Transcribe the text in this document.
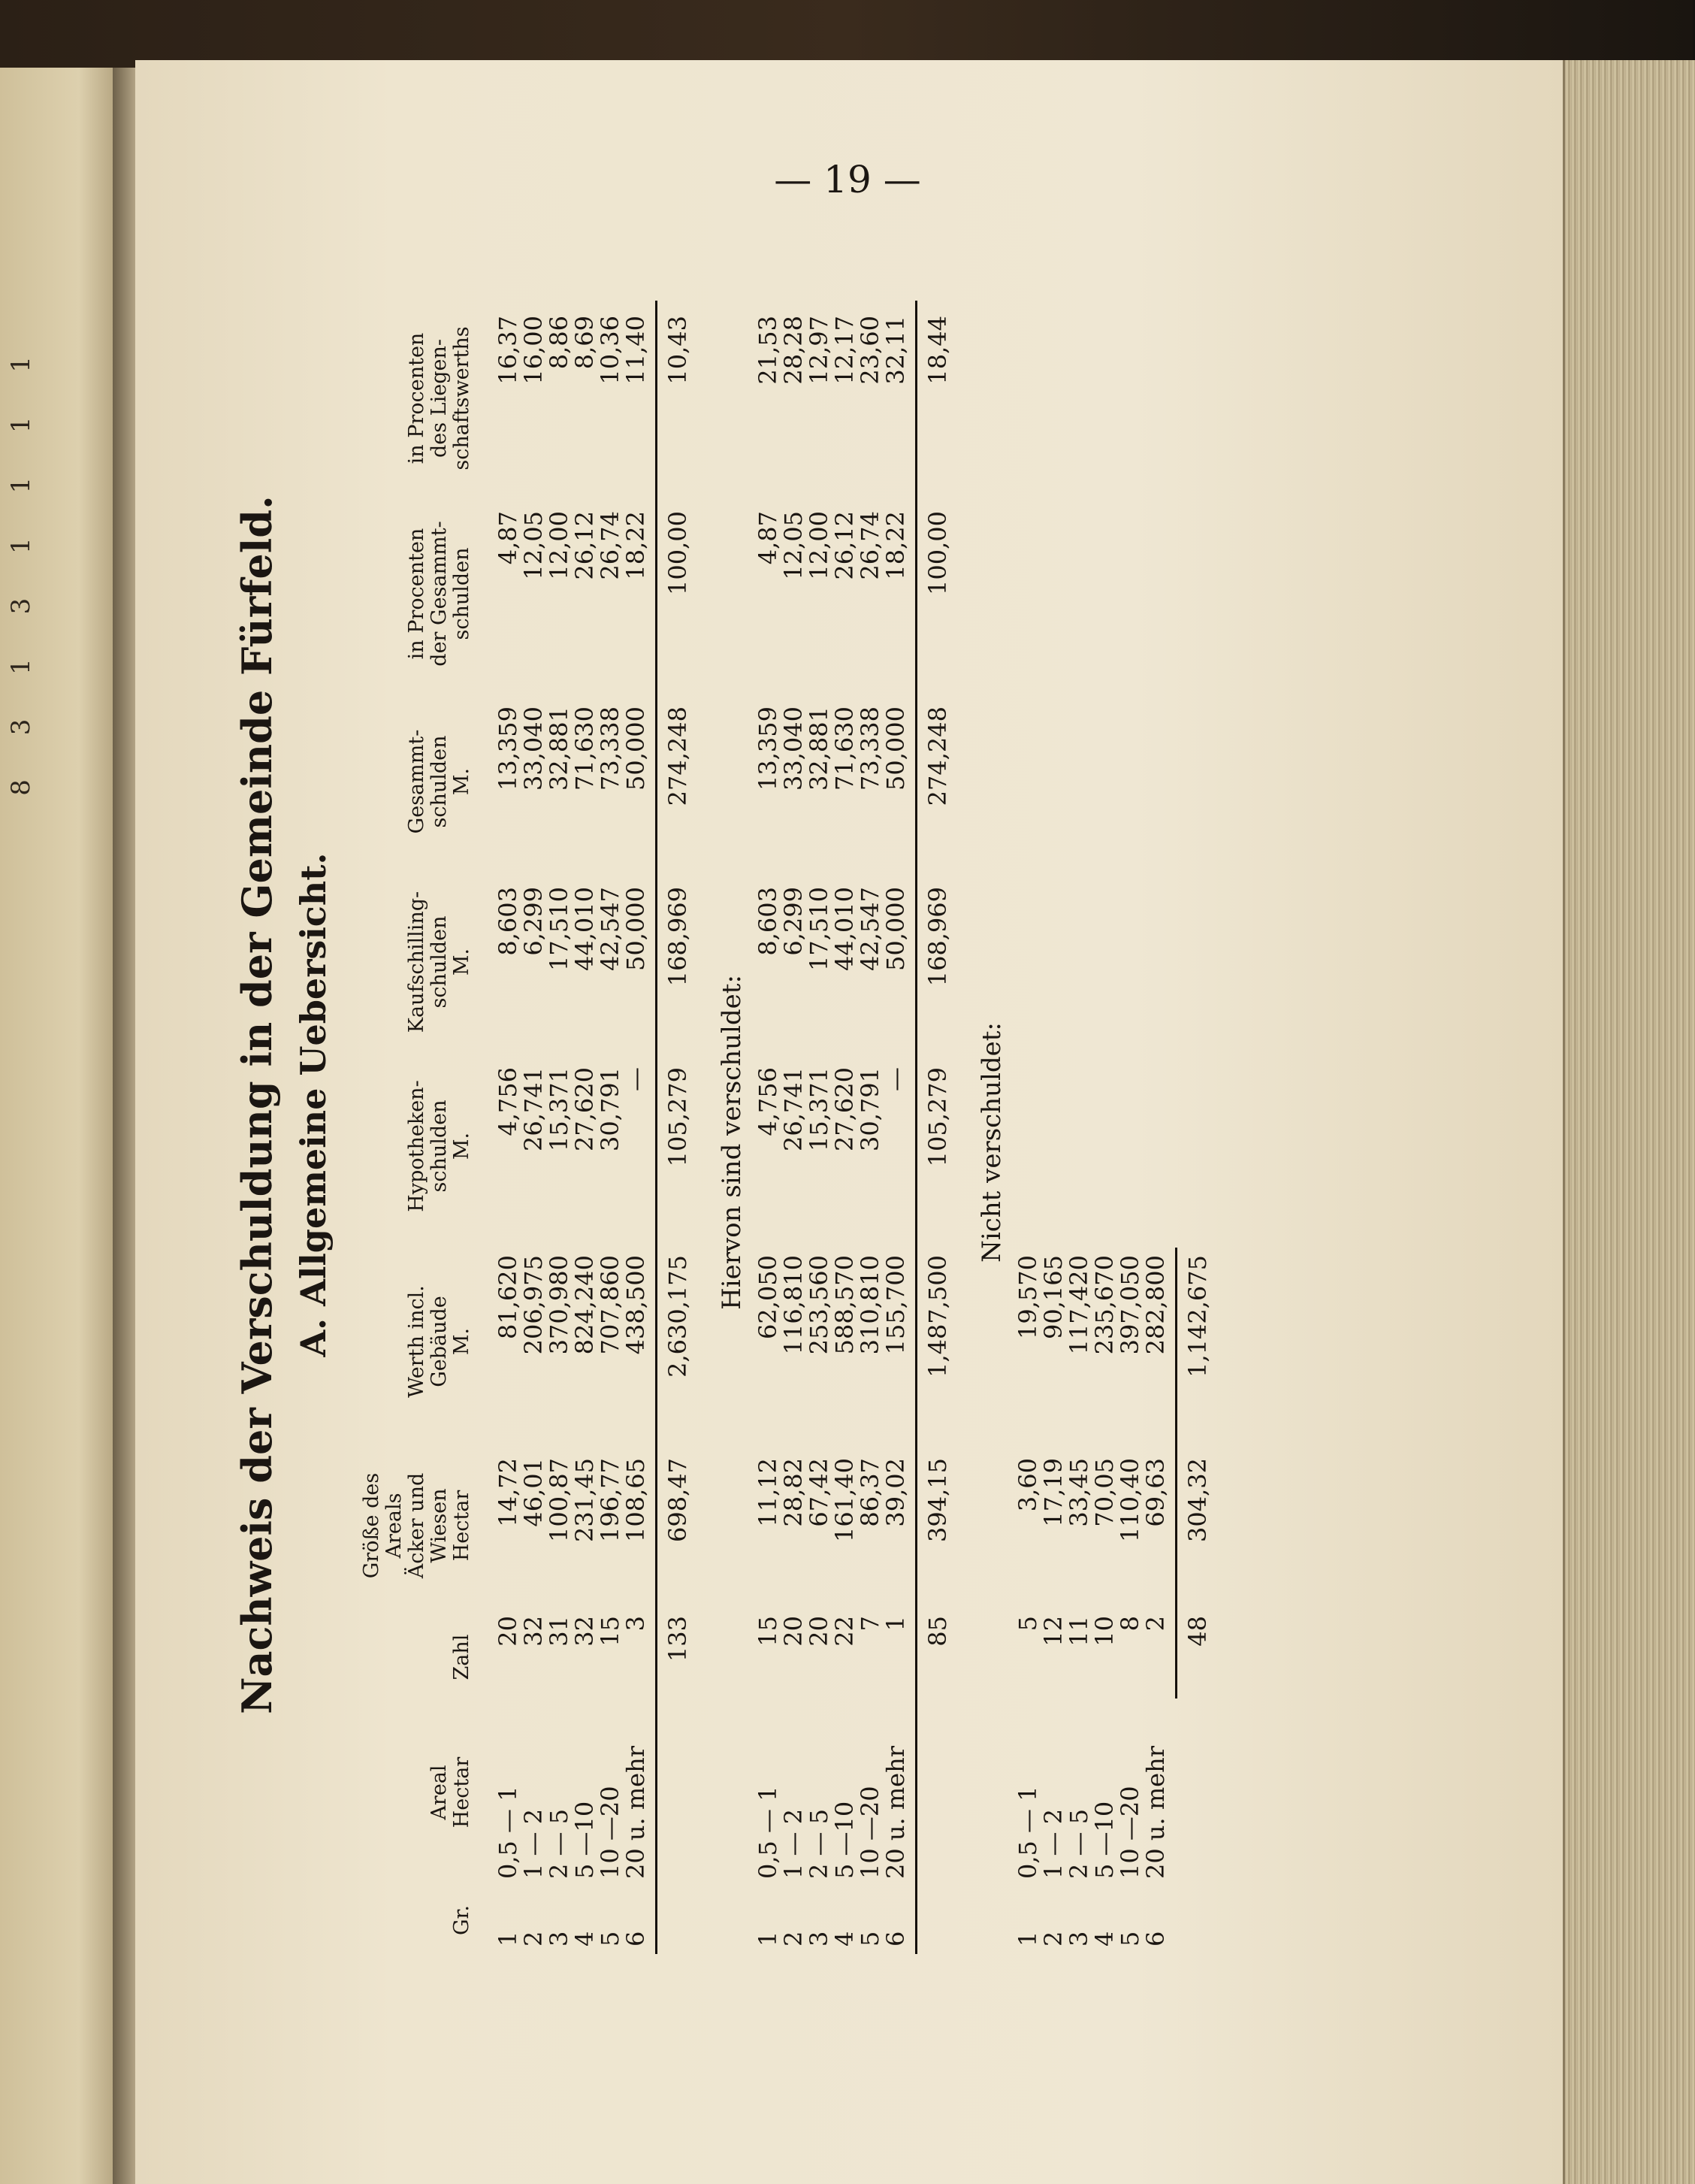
8 3 1 3 1 1 1 1
— 19 —
Nachweis der Verschuldung in der Gemeinde Fürfeld. A. Allgemeine Uebersicht.
Gr.
Areal Hectar
Zahl
Größe des Areals Äcker und Wiesen Hectar
Werth incl. Gebäude M.
Hypotheken- schulden M.
Kaufschilling- schulden M.
Gesammt- schulden M.
in Procenten der Gesammt- schulden
in Procenten des Liegen- schaftswerths
1
0,5 — 1
20
14,72
81,620
4,756
8,603
13,359
4,87
16,37
2
1 — 2
32
46,01
206,975
26,741
6,299
33,040
12,05
16,00
3
2 — 5
31
100,87
370,980
15,371
17,510
32,881
12,00
8,86
4
5 —10
32
231,45
824,240
27,620
44,010
71,630
26,12
8,69
5
10 —20
15
196,77
707,860
30,791
42,547
73,338
26,74
10,36
6
20 u. mehr
3
108,65
438,500
—
50,000
50,000
18,22
11,40
133
698,47
2,630,175
105,279
168,969
274,248
100,00
10,43
Hiervon sind verschuldet:
1
0,5 — 1
15
11,12
62,050
4,756
8,603
13,359
4,87
21,53
2
1 — 2
20
28,82
116,810
26,741
6,299
33,040
12,05
28,28
3
2 — 5
20
67,42
253,560
15,371
17,510
32,881
12,00
12,97
4
5 —10
22
161,40
588,570
27,620
44,010
71,630
26,12
12,17
5
10 —20
7
86,37
310,810
30,791
42,547
73,338
26,74
23,60
6
20 u. mehr
1
39,02
155,700
—
50,000
50,000
18,22
32,11
85
394,15
1,487,500
105,279
168,969
274,248
100,00
18,44
Nicht verschuldet:
1
0,5 — 1
5
3,60
19,570
2
1 — 2
12
17,19
90,165
3
2 — 5
11
33,45
117,420
4
5 —10
10
70,05
235,670
5
10 —20
8
110,40
397,050
6
20 u. mehr
2
69,63
282,800
48
304,32
1,142,675
